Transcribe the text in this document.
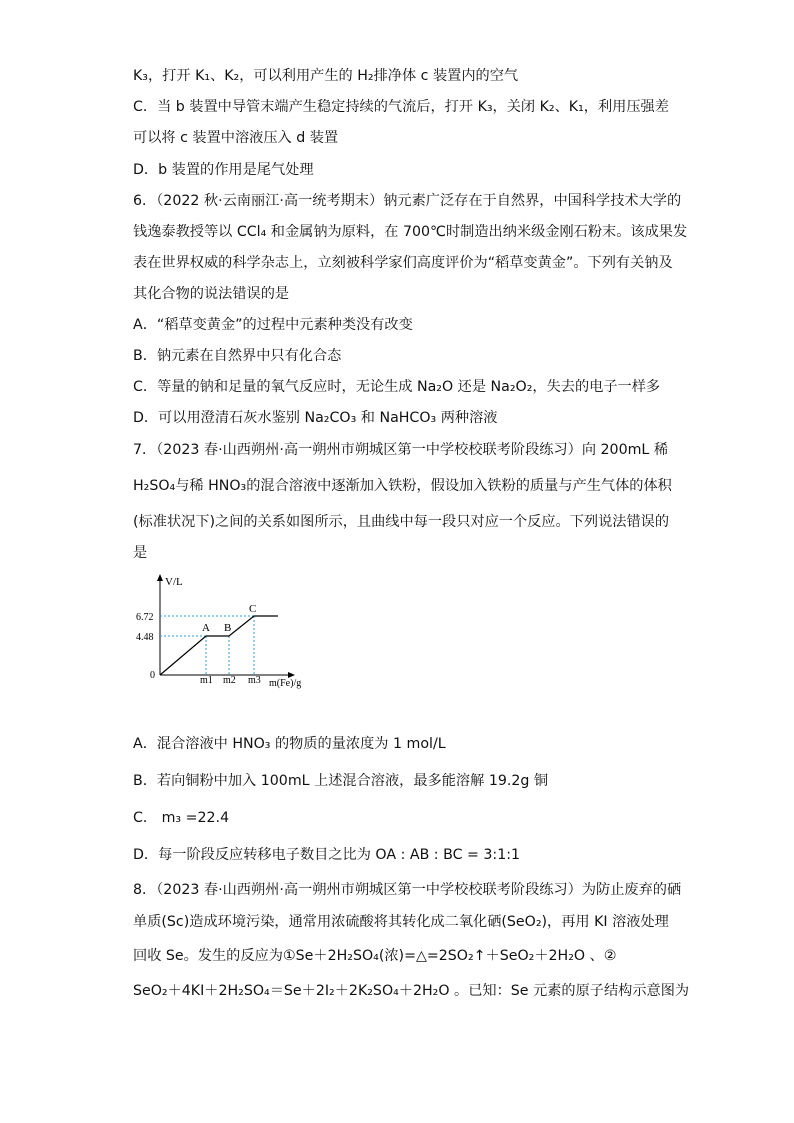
K₃，打开 K₁、K₂，可以利用产生的 H₂排净体 c 装置内的空气
C．当 b 装置中导管末端产生稳定持续的气流后，打开 K₃，关闭 K₂、K₁，利用压强差
可以将 c 装置中溶液压入 d 装置
D．b 装置的作用是尾气处理
6．（2022 秋·云南丽江·高一统考期末）钠元素广泛存在于自然界，中国科学技术大学的
钱逸泰教授等以 CCl₄ 和金属钠为原料，在 700℃时制造出纳米级金刚石粉末。该成果发
表在世界权威的科学杂志上，立刻被科学家们高度评价为“稻草变黄金”。下列有关钠及
其化合物的说法错误的是
A．“稻草变黄金”的过程中元素种类没有改变
B．钠元素在自然界中只有化合态
C．等量的钠和足量的氧气反应时，无论生成 Na₂O 还是 Na₂O₂，失去的电子一样多
D．可以用澄清石灰水鉴别 Na₂CO₃ 和 NaHCO₃ 两种溶液
7．（2023 春·山西朔州·高一朔州市朔城区第一中学校校联考阶段练习）向 200mL 稀
H₂SO₄与稀 HNO₃的混合溶液中逐渐加入铁粉，假设加入铁粉的质量与产生气体的体积
(标准状况下)之间的关系如图所示，且曲线中每一段只对应一个反应。下列说法错误的
是
A．混合溶液中 HNO₃ 的物质的量浓度为 1 mol/L
B．若向铜粉中加入 100mL 上述混合溶液，最多能溶解 19.2g 铜
C． m₃ =22.4
D．每一阶段反应转移电子数目之比为 OA : AB : BC = 3:1:1
8．（2023 春·山西朔州·高一朔州市朔城区第一中学校校联考阶段练习）为防止废弃的硒
单质(Sc)造成环境污染，通常用浓硫酸将其转化成二氧化硒(SeO₂)，再用 KI 溶液处理
回收 Se。发生的反应为①Se＋2H₂SO₄(浓)=△=2SO₂↑＋SeO₂＋2H₂O 、②
SeO₂＋4KI＋2H₂SO₄＝Se＋2I₂＋2K₂SO₄＋2H₂O 。已知：Se 元素的原子结构示意图为
V/L
m(Fe)/g
0
6.72
4.48
A B
C
m1 m2 m3
